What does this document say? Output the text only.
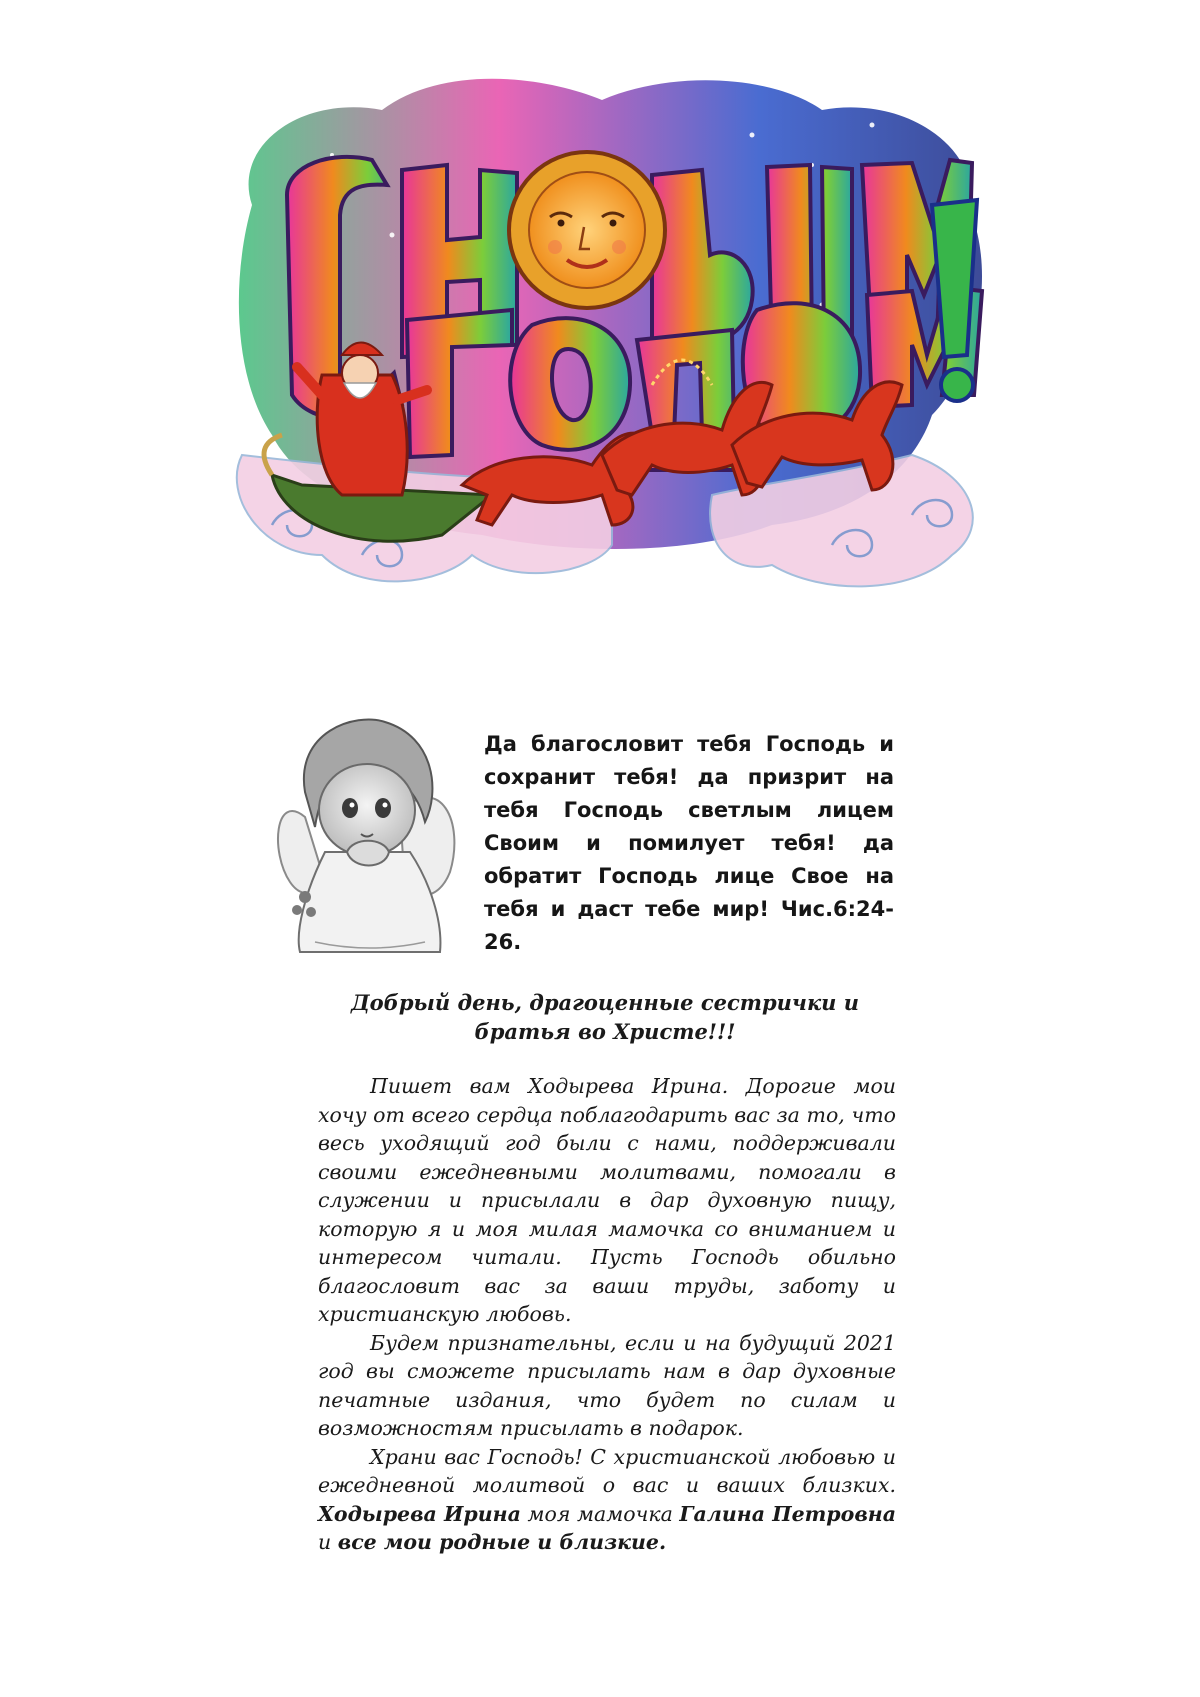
Да благословит тебя Господь и сохранит тебя! да призрит на тебя Господь светлым лицем Своим и помилует тебя! да обратит Господь лице Свое на тебя и даст тебе мир! Чис.6:24-26.

Добрый день, драгоценные сестрички и братья во Христе!!!

Пишет вам Ходырева Ирина. Дорогие мои хочу от всего сердца поблагодарить вас за то, что весь уходящий год были с нами, поддерживали своими ежедневными молитвами, помогали в служении и присылали в дар духовную пищу, которую я и моя милая мамочка со вниманием и интересом читали. Пусть Господь обильно благословит вас за ваши труды, заботу и христианскую любовь.

Будем признательны, если и на будущий 2021 год вы сможете присылать нам в дар духовные печатные издания, что будет по силам и возможностям присылать в подарок.

Храни вас Господь! С христианской любовью и ежедневной молитвой о вас и ваших близких. Ходырева Ирина моя мамочка Галина Петровна и все мои родные и близкие.
